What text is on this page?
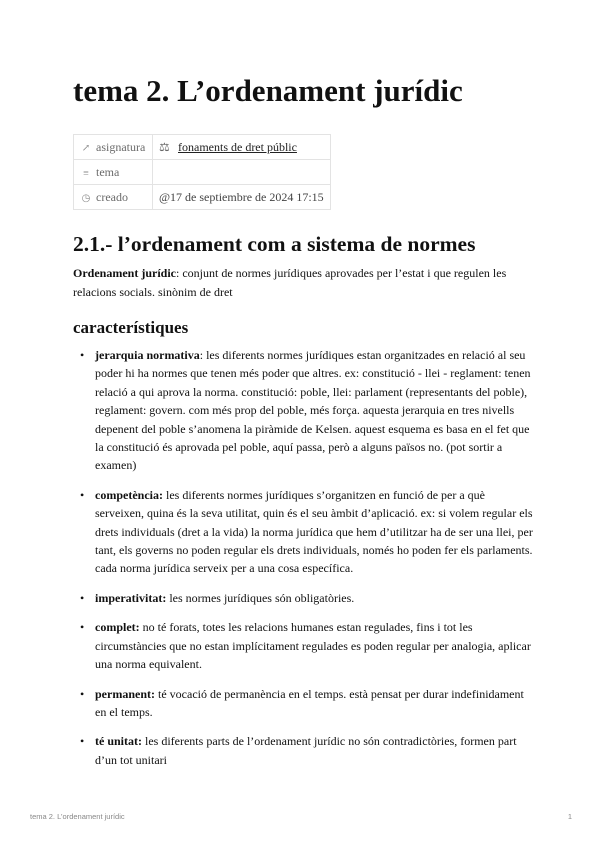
tema 2. L’ordenament jurídic
↗ asignatura	⚖ fonaments de dret públic
≡ tema	
◷ creado	@17 de septiembre de 2024 17:15
2.1.- l’ordenament com a sistema de normes

Ordenament jurídic: conjunt de normes jurídiques aprovades per l’estat i que regulen les relacions socials. sinònim de dret

característiques
• jerarquia normativa: les diferents normes jurídiques estan organitzades en relació al seu poder hi ha normes que tenen més poder que altres. ex: constitució - llei - reglament: tenen relació a qui aprova la norma. constitució: poble, llei: parlament (representants del poble), reglament: govern. com més prop del poble, més força. aquesta jerarquia en tres nivells depenent del poble s’anomena la piràmide de Kelsen. aquest esquema es basa en el fet que la constitució és aprovada pel poble, aquí passa, però a alguns països no. (pot sortir a examen)
• competència: les diferents normes jurídiques s’organitzen en funció de per a què serveixen, quina és la seva utilitat, quin és el seu àmbit d’aplicació. ex: si volem regular els drets individuals (dret a la vida) la norma jurídica que hem d’utilitzar ha de ser una llei, per tant, els governs no poden regular els drets individuals, només ho poden fer els parlaments. cada norma jurídica serveix per a una cosa específica.
• imperativitat: les normes jurídiques són obligatòries.
• complet: no té forats, totes les relacions humanes estan regulades, fins i tot les circumstàncies que no estan implícitament regulades es poden regular per analogia, aplicar una norma equivalent.
• permanent: té vocació de permanència en el temps. està pensat per durar indefinidament en el temps.
• té unitat: les diferents parts de l’ordenament jurídic no són contradictòries, formen part d’un tot unitari
tema 2. L’ordenament jurídic	1
